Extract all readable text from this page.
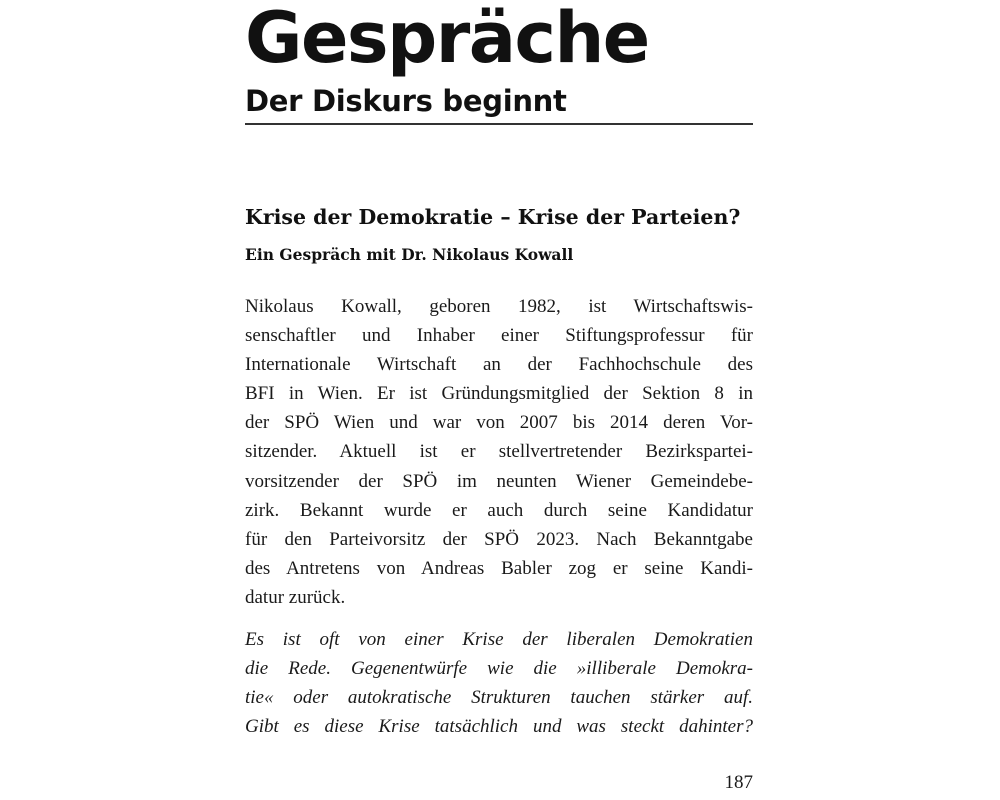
Gespräche
Der Diskurs beginnt
Krise der Demokratie – Krise der Parteien?
Ein Gespräch mit Dr. Nikolaus Kowall

Nikolaus Kowall, geboren 1982, ist Wirtschaftswis-
senschaftler und Inhaber einer Stiftungsprofessur für
Internationale Wirtschaft an der Fachhochschule des
BFI in Wien. Er ist Gründungsmitglied der Sektion 8 in
der SPÖ Wien und war von 2007 bis 2014 deren Vor-
sitzender. Aktuell ist er stellvertretender Bezirkspartei-
vorsitzender der SPÖ im neunten Wiener Gemeindebe-
zirk. Bekannt wurde er auch durch seine Kandidatur
für den Parteivorsitz der SPÖ 2023. Nach Bekanntgabe
des Antretens von Andreas Babler zog er seine Kandi-
datur zurück.

Es ist oft von einer Krise der liberalen Demokratien
die Rede. Gegenentwürfe wie die »illiberale Demokra-
tie« oder autokratische Strukturen tauchen stärker auf.
Gibt es diese Krise tatsächlich und was steckt dahinter?

187
